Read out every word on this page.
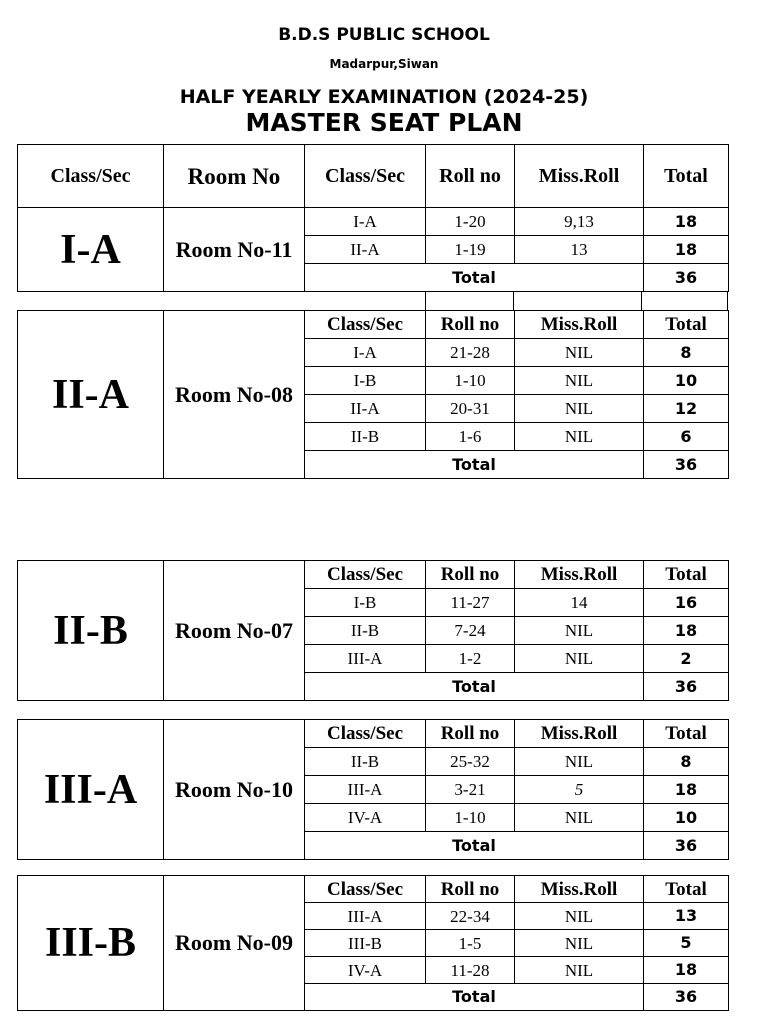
B.D.S PUBLIC SCHOOL
Madarpur,Siwan
HALF YEARLY EXAMINATION (2024-25)
MASTER SEAT PLAN
Class/Sec	Room No	Class/Sec	Roll no	Miss.Roll	Total
I-A	Room No-11	I-A	1-20	9,13	18
		II-A	1-19	13	18
		Total			36
II-A	Room No-08	Class/Sec	Roll no	Miss.Roll	Total
		I-A	21-28	NIL	8
		I-B	1-10	NIL	10
		II-A	20-31	NIL	12
		II-B	1-6	NIL	6
		Total			36
II-B	Room No-07	Class/Sec	Roll no	Miss.Roll	Total
		I-B	11-27	14	16
		II-B	7-24	NIL	18
		III-A	1-2	NIL	2
		Total			36
III-A	Room No-10	Class/Sec	Roll no	Miss.Roll	Total
		II-B	25-32	NIL	8
		III-A	3-21	5	18
		IV-A	1-10	NIL	10
		Total			36
III-B	Room No-09	Class/Sec	Roll no	Miss.Roll	Total
		III-A	22-34	NIL	13
		III-B	1-5	NIL	5
		IV-A	11-28	NIL	18
		Total			36
